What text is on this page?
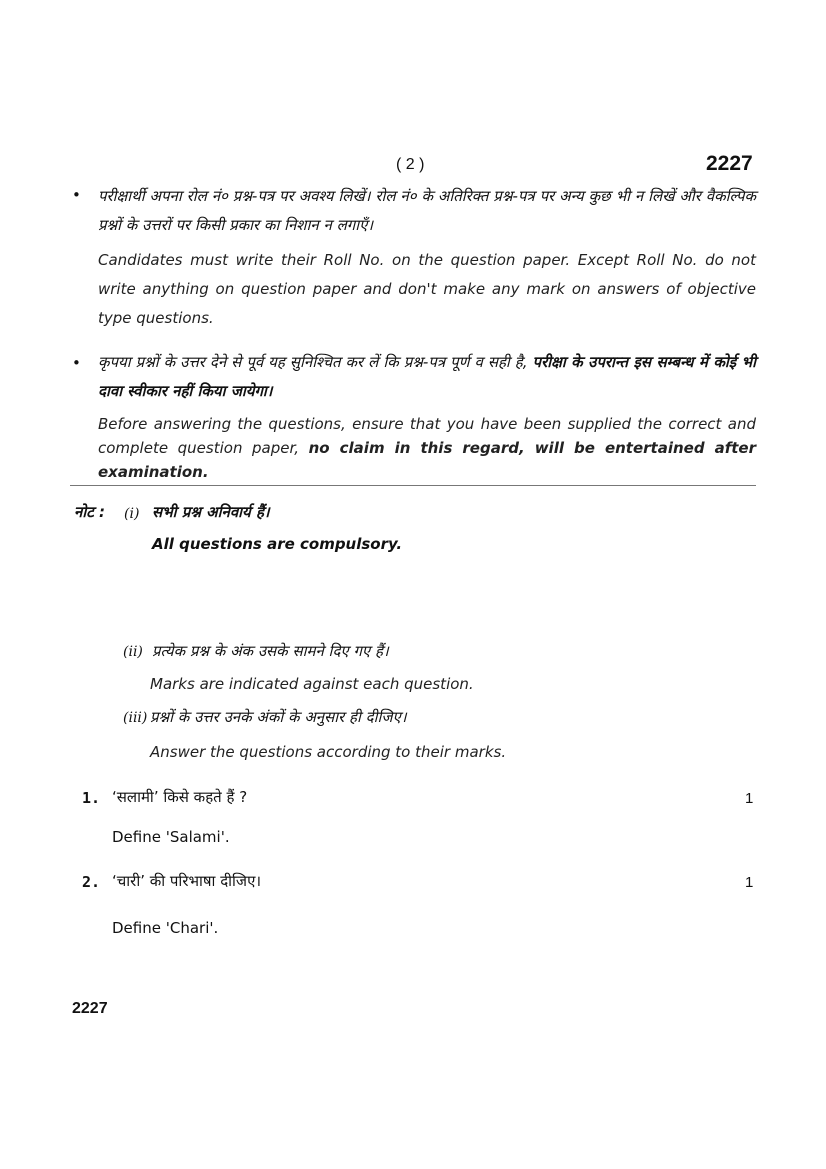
( 2 )	2227
• परीक्षार्थी अपना रोल नं० प्रश्न-पत्र पर अवश्य लिखें। रोल नं० के अतिरिक्त प्रश्न-पत्र पर अन्य कुछ भी न लिखें और वैकल्पिक प्रश्नों के उत्तरों पर किसी प्रकार का निशान न लगाएँ।
Candidates must write their Roll No. on the question paper. Except Roll No. do not write anything on question paper and don't make any mark on answers of objective type questions.
• कृपया प्रश्नों के उत्तर देने से पूर्व यह सुनिश्चित कर लें कि प्रश्न-पत्र पूर्ण व सही है, परीक्षा के उपरान्त इस सम्बन्ध में कोई भी दावा स्वीकार नहीं किया जायेगा।
Before answering the questions, ensure that you have been supplied the correct and complete question paper, no claim in this regard, will be entertained after examination.
नोट : (i) सभी प्रश्न अनिवार्य हैं।
All questions are compulsory.
(ii) प्रत्येक प्रश्न के अंक उसके सामने दिए गए हैं।
Marks are indicated against each question.
(iii) प्रश्नों के उत्तर उनके अंकों के अनुसार ही दीजिए।
Answer the questions according to their marks.
1. ‘सलामी’ किसे कहते हैं ?	1
Define 'Salami'.
2. ‘चारी’ की परिभाषा दीजिए।	1
Define 'Chari'.
2227
